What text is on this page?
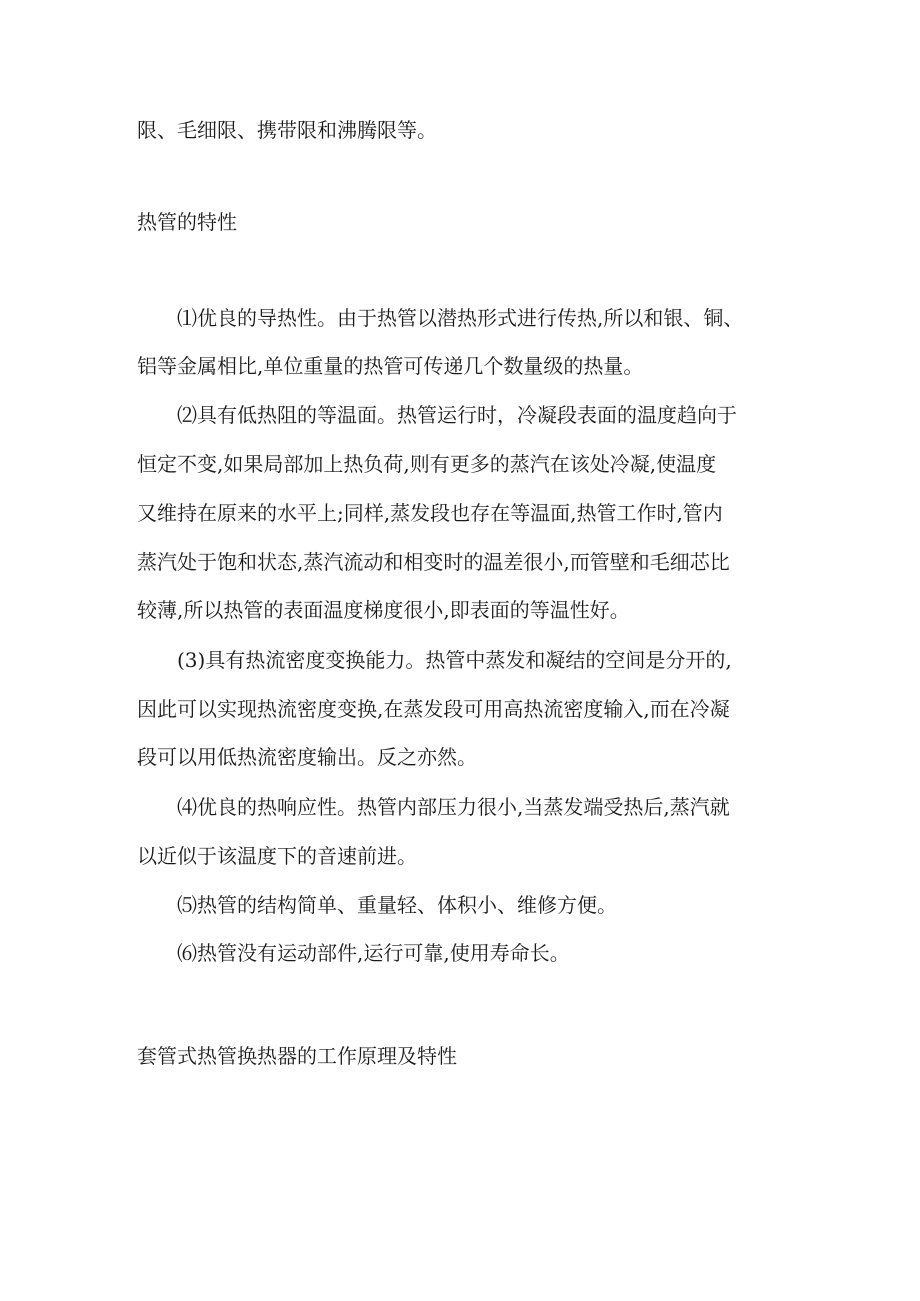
限、毛细限、携带限和沸腾限等。

热管的特性

⑴优良的导热性。由于热管以潜热形式进行传热,所以和银、铜、

铝等金属相比,单位重量的热管可传递几个数量级的热量。

⑵具有低热阻的等温面。热管运行时，冷凝段表面的温度趋向于

恒定不变,如果局部加上热负荷,则有更多的蒸汽在该处冷凝,使温度

又维持在原来的水平上;同样,蒸发段也存在等温面,热管工作时,管内

蒸汽处于饱和状态,蒸汽流动和相变时的温差很小,而管壁和毛细芯比

较薄,所以热管的表面温度梯度很小,即表面的等温性好。

(3)具有热流密度变换能力。热管中蒸发和凝结的空间是分开的,

因此可以实现热流密度变换,在蒸发段可用高热流密度输入,而在冷凝

段可以用低热流密度输出。反之亦然。

⑷优良的热响应性。热管内部压力很小,当蒸发端受热后,蒸汽就

以近似于该温度下的音速前进。

⑸热管的结构简单、重量轻、体积小、维修方便。

⑹热管没有运动部件,运行可靠,使用寿命长。

套管式热管换热器的工作原理及特性
